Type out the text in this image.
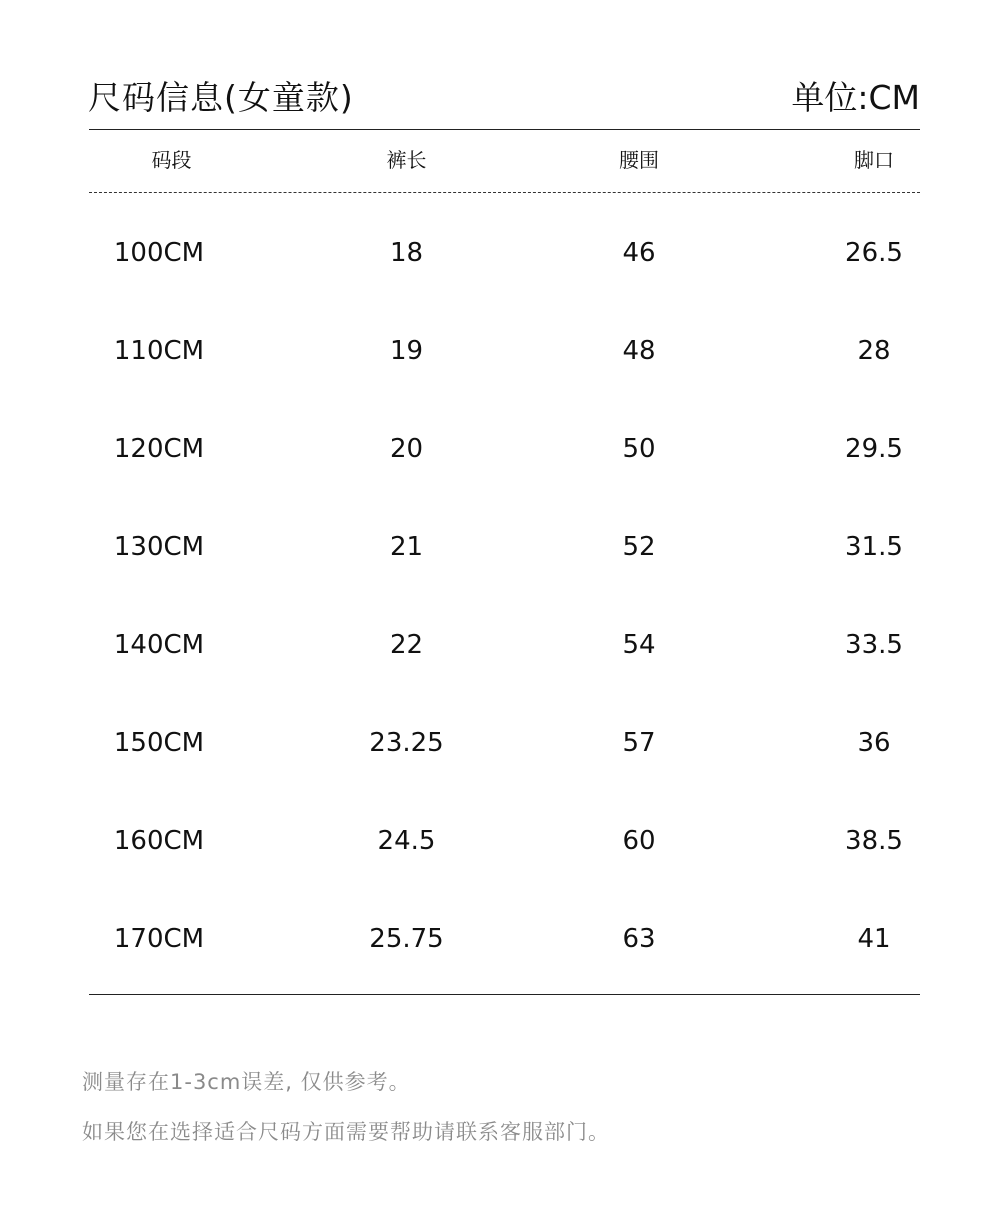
尺码信息(女童款)	单位:CM
码段	裤长	腰围	脚口
100CM	18	46	26.5
110CM	19	48	28
120CM	20	50	29.5
130CM	21	52	31.5
140CM	22	54	33.5
150CM	23.25	57	36
160CM	24.5	60	38.5
170CM	25.75	63	41
测量存在1-3cm误差, 仅供参考。
如果您在选择适合尺码方面需要帮助请联系客服部门。
